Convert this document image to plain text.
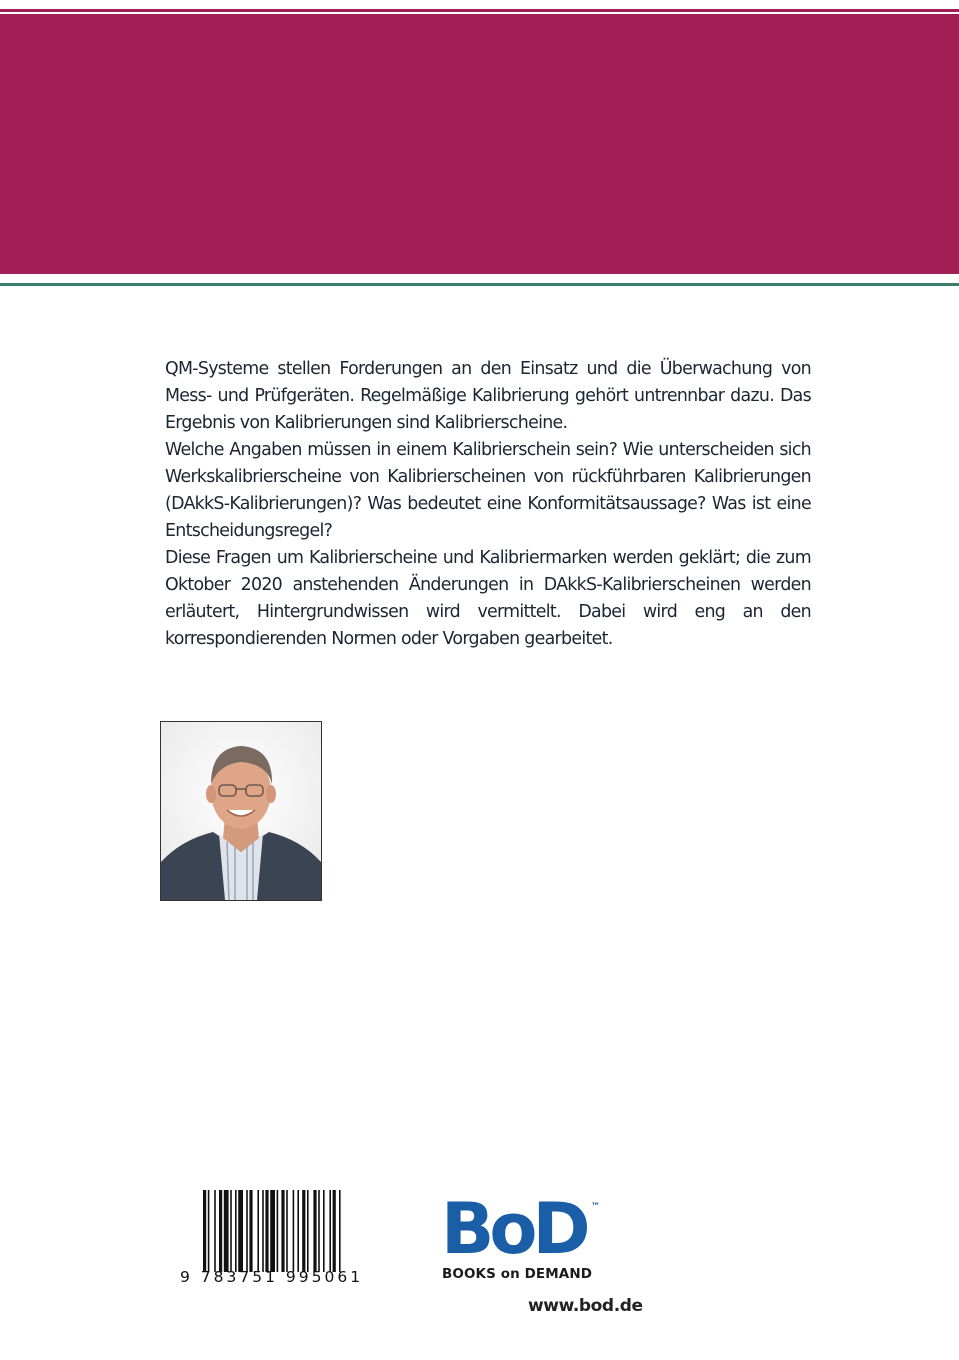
QM-Systeme stellen Forderungen an den Einsatz und die Überwachung von Mess- und Prüfgeräten. Regelmäßige Kalibrierung gehört untrennbar dazu. Das Ergebnis von Kalibrierungen sind Kalibrierscheine.

Welche Angaben müssen in einem Kalibrierschein sein? Wie unterscheiden sich Werkskalibrierscheine von Kalibrierscheinen von rückführbaren Kalibrierungen (DAkkS-Kalibrierungen)? Was bedeutet eine Konformitätsaussage? Was ist eine Entscheidungsregel?

Diese Fragen um Kalibrierscheine und Kalibriermarken werden geklärt; die zum Oktober 2020 anstehenden Änderungen in DAkkS-Kalibrierscheinen werden erläutert, Hintergrundwissen wird vermittelt. Dabei wird eng an den korrespondierenden Normen oder Vorgaben gearbeitet.

9 783751 995061
BoD ™
BOOKS on DEMAND
www.bod.de
